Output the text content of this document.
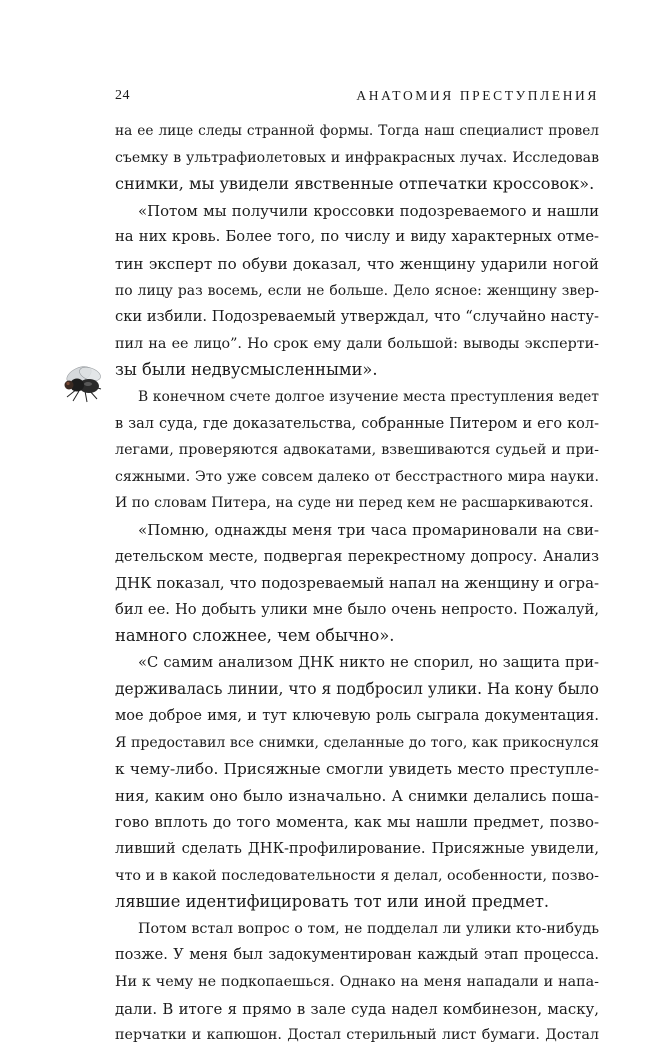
24	АНАТОМИЯ ПРЕСТУПЛЕНИЯ
на ее лице следы странной формы. Тогда наш специалист провел
съемку в ультрафиолетовых и инфракрасных лучах. Исследовав
снимки, мы увидели явственные отпечатки кроссовок».
«Потом мы получили кроссовки подозреваемого и нашли
на них кровь. Более того, по числу и виду характерных отме-
тин эксперт по обуви доказал, что женщину ударили ногой
по лицу раз восемь, если не больше. Дело ясное: женщину звер-
ски избили. Подозреваемый утверждал, что “случайно насту-
пил на ее лицо”. Но срок ему дали большой: выводы эксперти-
зы были недвусмысленными».
В конечном счете долгое изучение места преступления ведет
в зал суда, где доказательства, собранные Питером и его кол-
легами, проверяются адвокатами, взвешиваются судьей и при-
сяжными. Это уже совсем далеко от бесстрастного мира науки.
И по словам Питера, на суде ни перед кем не расшаркиваются.
«Помню, однажды меня три часа промариновали на сви-
детельском месте, подвергая перекрестному допросу. Анализ
ДНК показал, что подозреваемый напал на женщину и огра-
бил ее. Но добыть улики мне было очень непросто. Пожалуй,
намного сложнее, чем обычно».
«С самим анализом ДНК никто не спорил, но защита при-
держивалась линии, что я подбросил улики. На кону было
мое доброе имя, и тут ключевую роль сыграла документация.
Я предоставил все снимки, сделанные до того, как прикоснулся
к чему-либо. Присяжные смогли увидеть место преступле-
ния, каким оно было изначально. А снимки делались поша-
гово вплоть до того момента, как мы нашли предмет, позво-
ливший сделать ДНК-профилирование. Присяжные увидели,
что и в какой последовательности я делал, особенности, позво-
лявшие идентифицировать тот или иной предмет.
Потом встал вопрос о том, не подделал ли улики кто-нибудь
позже. У меня был задокументирован каждый этап процесса.
Ни к чему не подкопаешься. Однако на меня нападали и напа-
дали. В итоге я прямо в зале суда надел комбинезон, маску,
перчатки и капюшон. Достал стерильный лист бумаги. Достал
